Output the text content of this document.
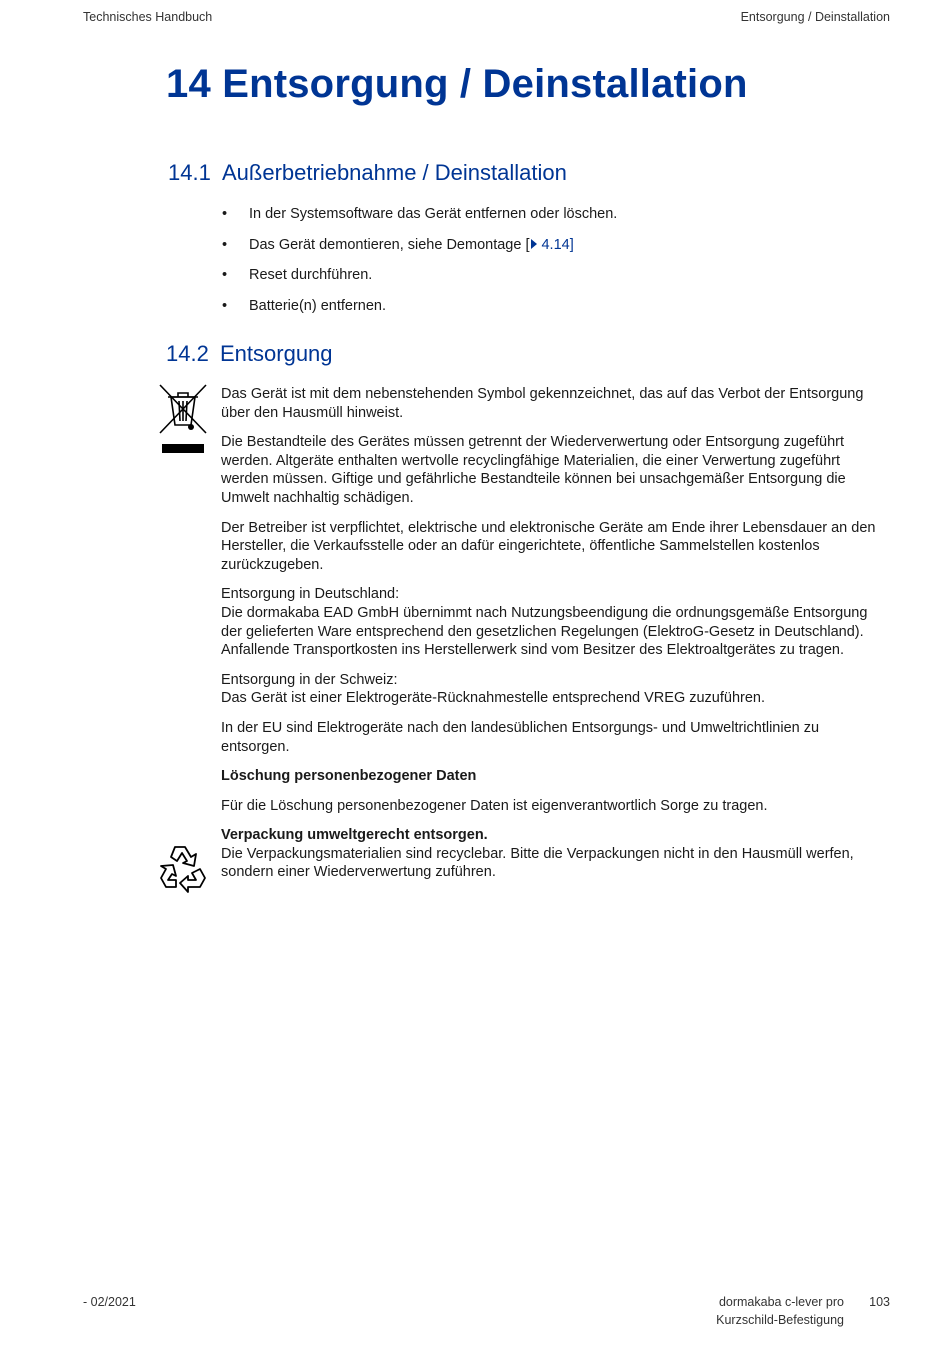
Technisches Handbuch	Entsorgung / Deinstallation
14 Entsorgung / Deinstallation
14.1 Außerbetriebnahme / Deinstallation
• In der Systemsoftware das Gerät entfernen oder löschen.
• Das Gerät demontieren, siehe Demontage [ 4.14]
• Reset durchführen.
• Batterie(n) entfernen.
14.2 Entsorgung

Das Gerät ist mit dem nebenstehenden Symbol gekennzeichnet, das auf das Verbot der Entsorgung über den Hausmüll hinweist.

Die Bestandteile des Gerätes müssen getrennt der Wiederverwertung oder Entsorgung zugeführt werden. Altgeräte enthalten wertvolle recyclingfähige Materialien, die einer Verwertung zugeführt werden müssen. Giftige und gefährliche Bestandteile können bei unsachgemäßer Entsorgung die Umwelt nachhaltig schädigen.

Der Betreiber ist verpflichtet, elektrische und elektronische Geräte am Ende ihrer Lebensdauer an den Hersteller, die Verkaufsstelle oder an dafür eingerichtete, öffentliche Sammelstellen kostenlos zurückzugeben.

Entsorgung in Deutschland:
Die dormakaba EAD GmbH übernimmt nach Nutzungsbeendigung die ordnungsgemäße Entsorgung der gelieferten Ware entsprechend den gesetzlichen Regelungen (ElektroG-Gesetz in Deutschland). Anfallende Transportkosten ins Herstellerwerk sind vom Besitzer des Elektroaltgerätes zu tragen.

Entsorgung in der Schweiz:
Das Gerät ist einer Elektrogeräte-Rücknahmestelle entsprechend VREG zuzuführen.

In der EU sind Elektrogeräte nach den landesüblichen Entsorgungs- und Umweltrichtlinien zu entsorgen.

Löschung personenbezogener Daten

Für die Löschung personenbezogener Daten ist eigenverantwortlich Sorge zu tragen.

Verpackung umweltgerecht entsorgen.
Die Verpackungsmaterialien sind recyclebar. Bitte die Verpackungen nicht in den Hausmüll werfen, sondern einer Wiederverwertung zuführen.

- 02/2021	dormakaba c-lever pro
Kurzschild-Befestigung
103
